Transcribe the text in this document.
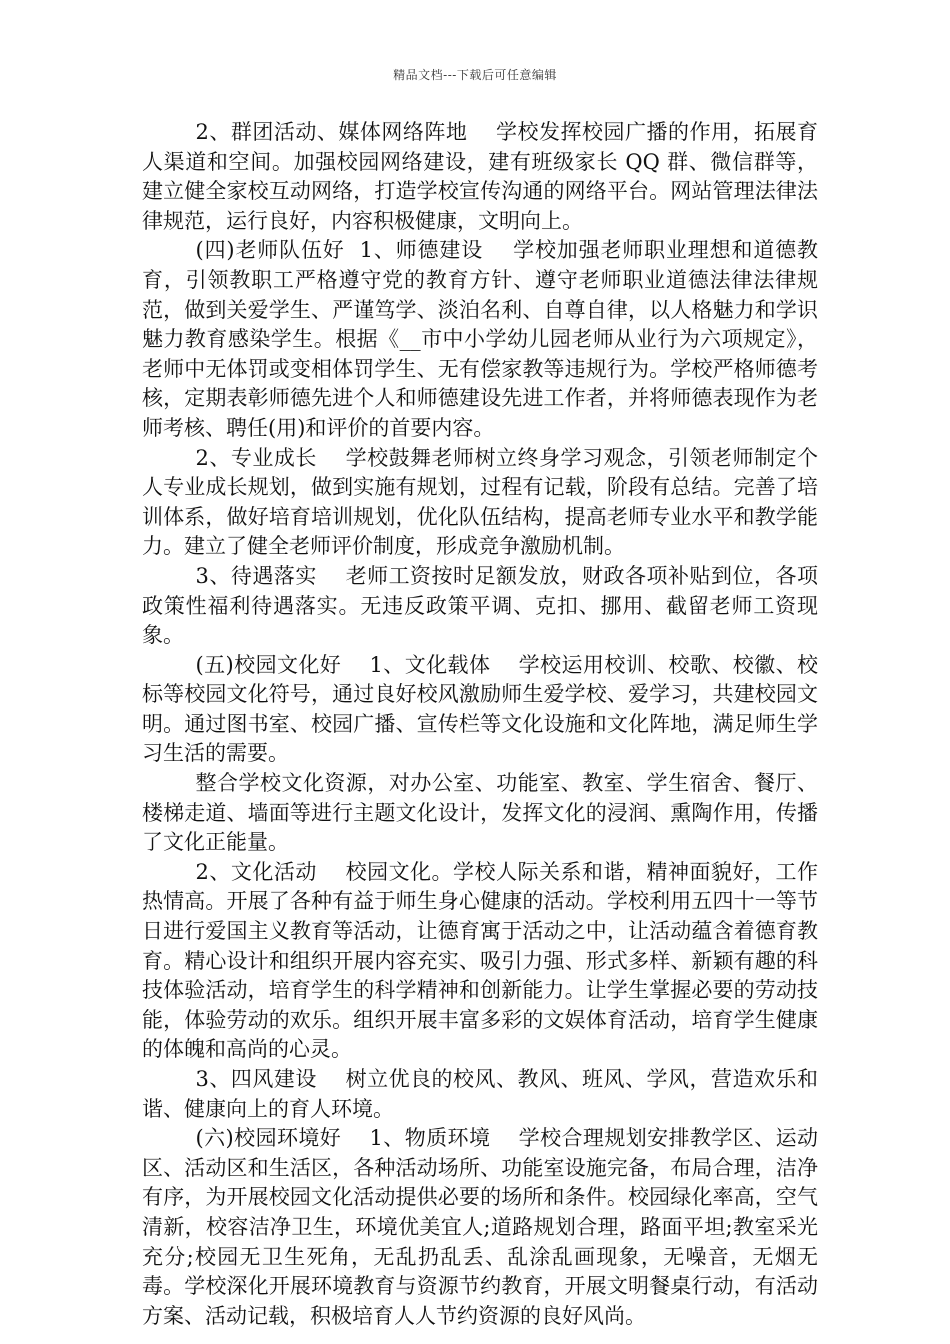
精品文档---下载后可任意编辑

2、群团活动、媒体网络阵地    学校发挥校园广播的作用，拓展育人渠道和空间。加强校园网络建设，建有班级家长 QQ 群、微信群等，建立健全家校互动网络，打造学校宣传沟通的网络平台。网站管理法律法律规范，运行良好，内容积极健康，文明向上。

(四)老师队伍好  1、师德建设    学校加强老师职业理想和道德教育，引领教职工严格遵守党的教育方针、遵守老师职业道德法律法律规范，做到关爱学生、严谨笃学、淡泊名利、自尊自律，以人格魅力和学识魅力教育感染学生。根据《__市中小学幼儿园老师从业行为六项规定》，老师中无体罚或变相体罚学生、无有偿家教等违规行为。学校严格师德考核，定期表彰师德先进个人和师德建设先进工作者，并将师德表现作为老师考核、聘任(用)和评价的首要内容。

2、专业成长    学校鼓舞老师树立终身学习观念，引领老师制定个人专业成长规划，做到实施有规划，过程有记载，阶段有总结。完善了培训体系，做好培育培训规划，优化队伍结构，提高老师专业水平和教学能力。建立了健全老师评价制度，形成竞争激励机制。

3、待遇落实    老师工资按时足额发放，财政各项补贴到位，各项政策性福利待遇落实。无违反政策平调、克扣、挪用、截留老师工资现象。

(五)校园文化好    1、文化载体    学校运用校训、校歌、校徽、校标等校园文化符号，通过良好校风激励师生爱学校、爱学习，共建校园文明。通过图书室、校园广播、宣传栏等文化设施和文化阵地，满足师生学习生活的需要。

整合学校文化资源，对办公室、功能室、教室、学生宿舍、餐厅、楼梯走道、墙面等进行主题文化设计，发挥文化的浸润、熏陶作用，传播了文化正能量。

2、文化活动    校园文化。学校人际关系和谐，精神面貌好，工作热情高。开展了各种有益于师生身心健康的活动。学校利用五四十一等节日进行爱国主义教育等活动，让德育寓于活动之中，让活动蕴含着德育教育。精心设计和组织开展内容充实、吸引力强、形式多样、新颖有趣的科技体验活动，培育学生的科学精神和创新能力。让学生掌握必要的劳动技能，体验劳动的欢乐。组织开展丰富多彩的文娱体育活动，培育学生健康的体魄和高尚的心灵。

3、四风建设    树立优良的校风、教风、班风、学风，营造欢乐和谐、健康向上的育人环境。

(六)校园环境好    1、物质环境    学校合理规划安排教学区、运动区、活动区和生活区，各种活动场所、功能室设施完备，布局合理，洁净有序，为开展校园文化活动提供必要的场所和条件。校园绿化率高，空气清新，校容洁净卫生，环境优美宜人;道路规划合理，路面平坦;教室采光充分;校园无卫生死角，无乱扔乱丢、乱涂乱画现象，无噪音，无烟无毒。学校深化开展环境教育与资源节约教育，开展文明餐桌行动，有活动方案、活动记载，积极培育人人节约资源的良好风尚。
